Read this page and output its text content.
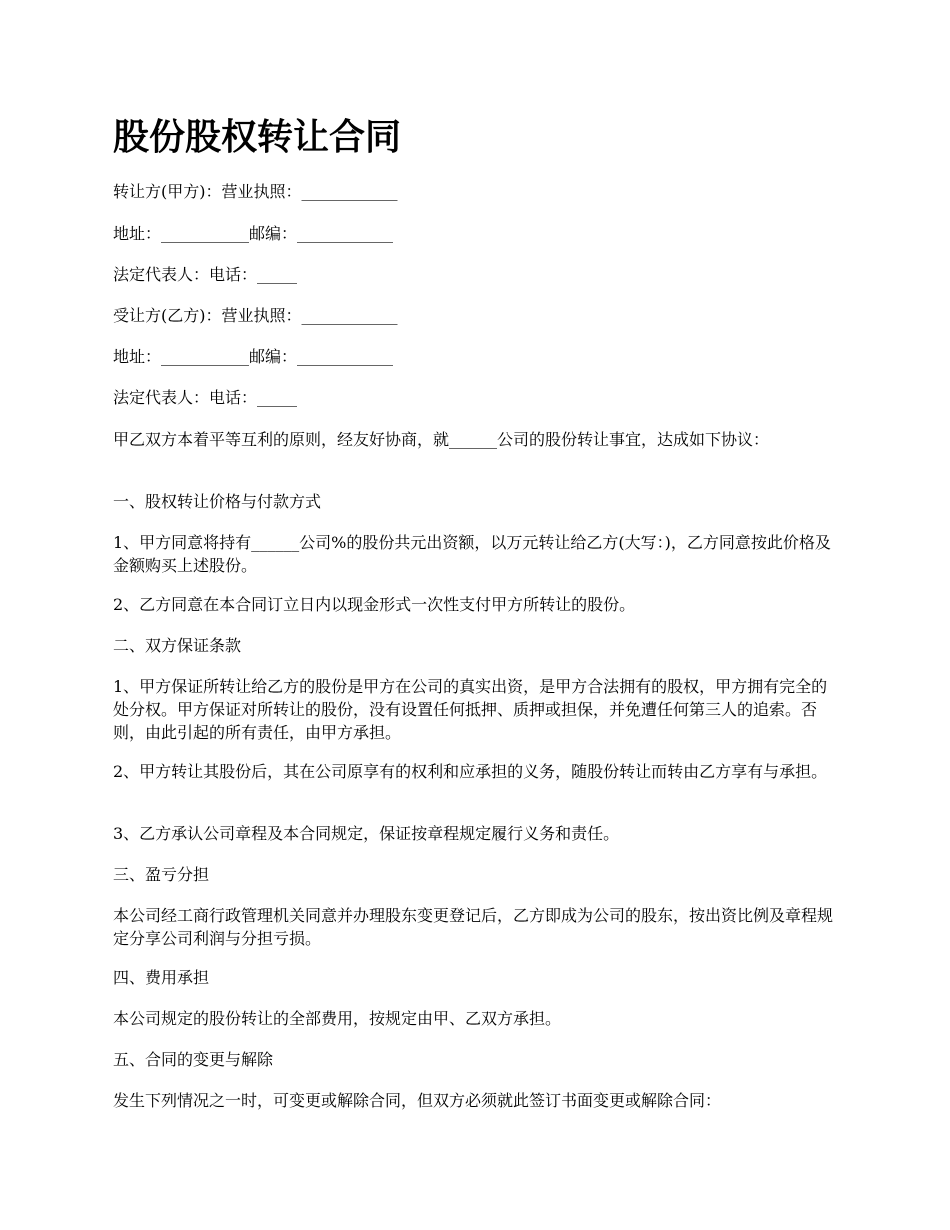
股份股权转让合同

转让方(甲方)：营业执照：____________

地址：___________邮编：____________

法定代表人：电话：_____

受让方(乙方)：营业执照：____________

地址：___________邮编：____________

法定代表人：电话：_____

甲乙双方本着平等互利的原则，经友好协商，就______公司的股份转让事宜，达成如下协议：

一、股权转让价格与付款方式

1、甲方同意将持有______公司%的股份共元出资额，以万元转让给乙方(大写：)，乙方同意按此价格及金额购买上述股份。

2、乙方同意在本合同订立日内以现金形式一次性支付甲方所转让的股份。

二、双方保证条款

1、甲方保证所转让给乙方的股份是甲方在公司的真实出资，是甲方合法拥有的股权，甲方拥有完全的处分权。甲方保证对所转让的股份，没有设置任何抵押、质押或担保，并免遭任何第三人的追索。否则，由此引起的所有责任，由甲方承担。

2、甲方转让其股份后，其在公司原享有的权利和应承担的义务，随股份转让而转由乙方享有与承担。

3、乙方承认公司章程及本合同规定，保证按章程规定履行义务和责任。

三、盈亏分担

本公司经工商行政管理机关同意并办理股东变更登记后，乙方即成为公司的股东，按出资比例及章程规定分享公司利润与分担亏损。

四、费用承担

本公司规定的股份转让的全部费用，按规定由甲、乙双方承担。

五、合同的变更与解除

发生下列情况之一时，可变更或解除合同，但双方必须就此签订书面变更或解除合同：
